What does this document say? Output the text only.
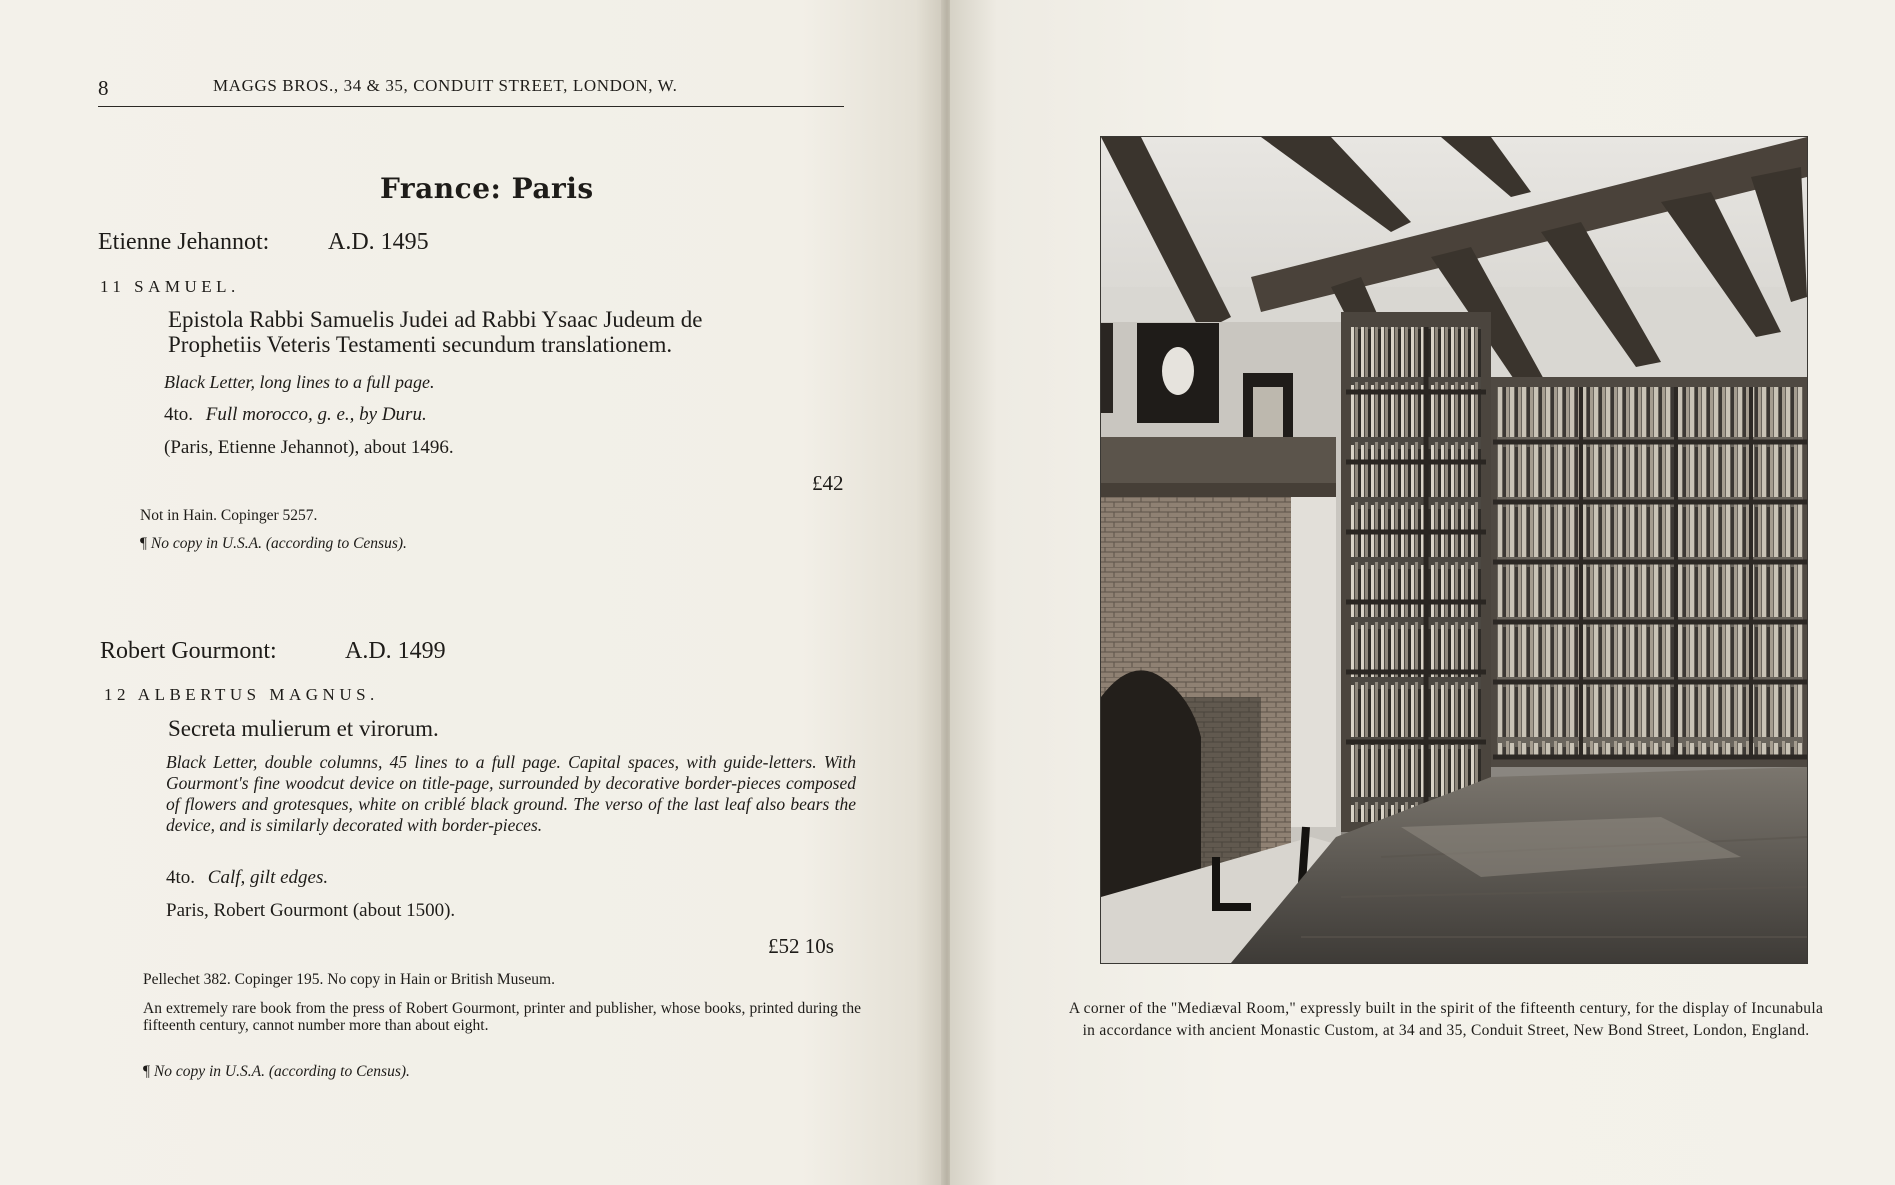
8	MAGGS BROS., 34 & 35, CONDUIT STREET, LONDON, W.
France: Paris
Etienne Jehannot: A.D. 1495
11 SAMUEL.
Epistola Rabbi Samuelis Judei ad Rabbi Ysaac Judeum de
Prophetiis Veteris Testamenti secundum translationem.
Black Letter, long lines to a full page.
4to. Full morocco, g. e., by Duru.
(Paris, Etienne Jehannot), about 1496.
£42
Not in Hain. Copinger 5257.
¶ No copy in U.S.A. (according to Census).
Robert Gourmont:	A.D. 1499
12 ALBERTUS MAGNUS.
Secreta mulierum et virorum.
Black Letter, double columns, 45 lines to a full page. Capital spaces, with guide-letters. With Gourmont's fine woodcut device on title-page, surrounded by decorative border-pieces composed of flowers and grotesques, white on criblé black ground. The verso of the last leaf also bears the device, and is similarly decorated with border-pieces.
4to. Calf, gilt edges.
Paris, Robert Gourmont (about 1500).
£52 10s
Pellechet 382. Copinger 195. No copy in Hain or British Museum.
An extremely rare book from the press of Robert Gourmont, printer and publisher, whose books, printed during the fifteenth century, cannot number more than about eight.
¶ No copy in U.S.A. (according to Census).
A corner of the "Mediæval Room," expressly built in the spirit of the fifteenth century, for the display of Incunabula in accordance with ancient Monastic Custom, at 34 and 35, Conduit Street, New Bond Street, London, England.
